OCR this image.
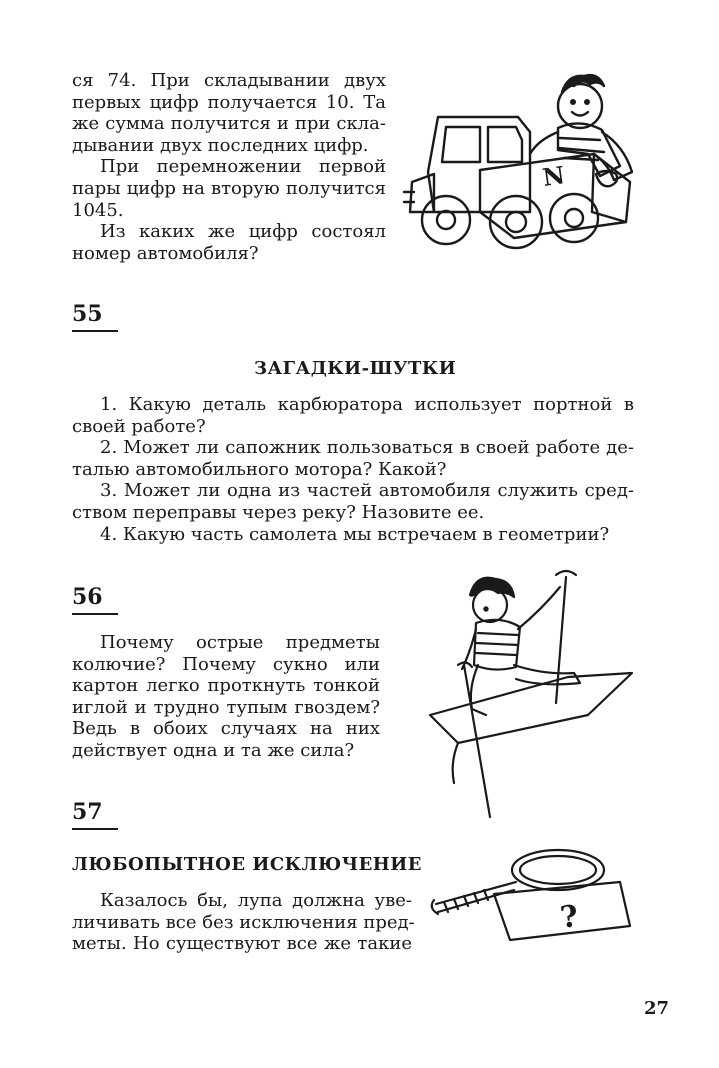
ся 74. При складывании двух
первых цифр получается 10. Та
же сумма получится и при скла-
дывании двух последних цифр.
При перемножении первой
пары цифр на вторую получится
1045.
Из каких же цифр состоял
номер автомобиля?
N
55
ЗАГАДКИ-ШУТКИ
1. Какую деталь карбюратора использует портной в
своей работе?
2. Может ли сапожник пользоваться в своей работе де-
талью автомобильного мотора? Какой?
3. Может ли одна из частей автомобиля служить сред-
ством переправы через реку? Назовите ее.
4. Какую часть самолета мы встречаем в геометрии?
56
Почему острые предметы
колючие? Почему сукно или
картон легко проткнуть тонкой
иглой и трудно тупым гвоздем?
Ведь в обоих случаях на них
действует одна и та же сила?
57
ЛЮБОПЫТНОЕ ИСКЛЮЧЕНИЕ
Казалось бы, лупа должна уве-
личивать все без исключения пред-
меты. Но существуют все же такие
?
27
